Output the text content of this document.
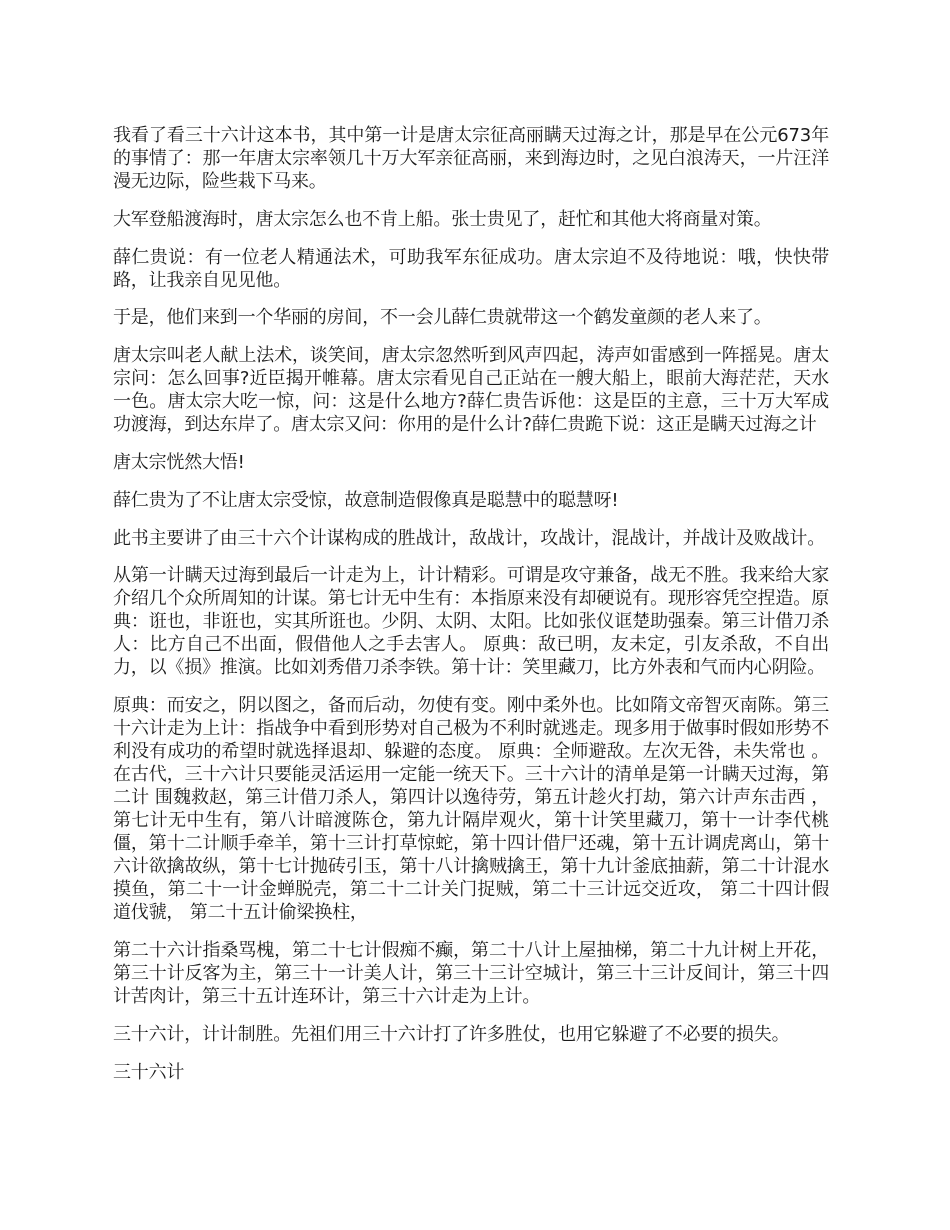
我看了看三十六计这本书，其中第一计是唐太宗征高丽瞒天过海之计，那是早在公元673年的事情了：那一年唐太宗率领几十万大军亲征高丽，来到海边时，之见白浪涛天，一片汪洋漫无边际，险些栽下马来。

大军登船渡海时，唐太宗怎么也不肯上船。张士贵见了，赶忙和其他大将商量对策。

薛仁贵说：有一位老人精通法术，可助我军东征成功。唐太宗迫不及待地说：哦，快快带路，让我亲自见见他。

于是，他们来到一个华丽的房间，不一会儿薛仁贵就带这一个鹤发童颜的老人来了。

唐太宗叫老人献上法术，谈笑间，唐太宗忽然听到风声四起，涛声如雷感到一阵摇晃。唐太宗问：怎么回事?近臣揭开帷幕。唐太宗看见自己正站在一艘大船上，眼前大海茫茫，天水一色。唐太宗大吃一惊，问：这是什么地方?薛仁贵告诉他：这是臣的主意，三十万大军成功渡海，到达东岸了。唐太宗又问：你用的是什么计?薛仁贵跪下说：这正是瞒天过海之计

唐太宗恍然大悟!

薛仁贵为了不让唐太宗受惊，故意制造假像真是聪慧中的聪慧呀!

此书主要讲了由三十六个计谋构成的胜战计，敌战计，攻战计，混战计，并战计及败战计。

从第一计瞒天过海到最后一计走为上，计计精彩。可谓是攻守兼备，战无不胜。我来给大家介绍几个众所周知的计谋。第七计无中生有：本指原来没有却硬说有。现形容凭空捏造。原典：诳也，非诳也，实其所诳也。少阴、太阴、太阳。比如张仪诓楚助强秦。第三计借刀杀人：比方自己不出面，假借他人之手去害人。 原典：敌已明，友未定，引友杀敌，不自出力，以《损》推演。比如刘秀借刀杀李铁。第十计：笑里藏刀，比方外表和气而内心阴险。

原典：而安之，阴以图之，备而后动，勿使有变。刚中柔外也。比如隋文帝智灭南陈。第三十六计走为上计：指战争中看到形势对自己极为不利时就逃走。现多用于做事时假如形势不利没有成功的希望时就选择退却、躲避的态度。 原典：全师避敌。左次无咎，未失常也 。在古代，三十六计只要能灵活运用一定能一统天下。三十六计的清单是第一计瞒天过海，第二计 围魏救赵，第三计借刀杀人，第四计以逸待劳，第五计趁火打劫，第六计声东击西 ，第七计无中生有，第八计暗渡陈仓，第九计隔岸观火，第十计笑里藏刀，第十一计李代桃僵，第十二计顺手牵羊，第十三计打草惊蛇，第十四计借尸还魂，第十五计调虎离山，第十六计欲擒故纵，第十七计抛砖引玉，第十八计擒贼擒王，第十九计釜底抽薪，第二十计混水摸鱼，第二十一计金蝉脱壳，第二十二计关门捉贼，第二十三计远交近攻， 第二十四计假道伐虢， 第二十五计偷梁换柱，

第二十六计指桑骂槐，第二十七计假痴不癫，第二十八计上屋抽梯，第二十九计树上开花，第三十计反客为主，第三十一计美人计，第三十三计空城计，第三十三计反间计，第三十四计苦肉计，第三十五计连环计，第三十六计走为上计。

三十六计，计计制胜。先祖们用三十六计打了许多胜仗，也用它躲避了不必要的损失。

三十六计
